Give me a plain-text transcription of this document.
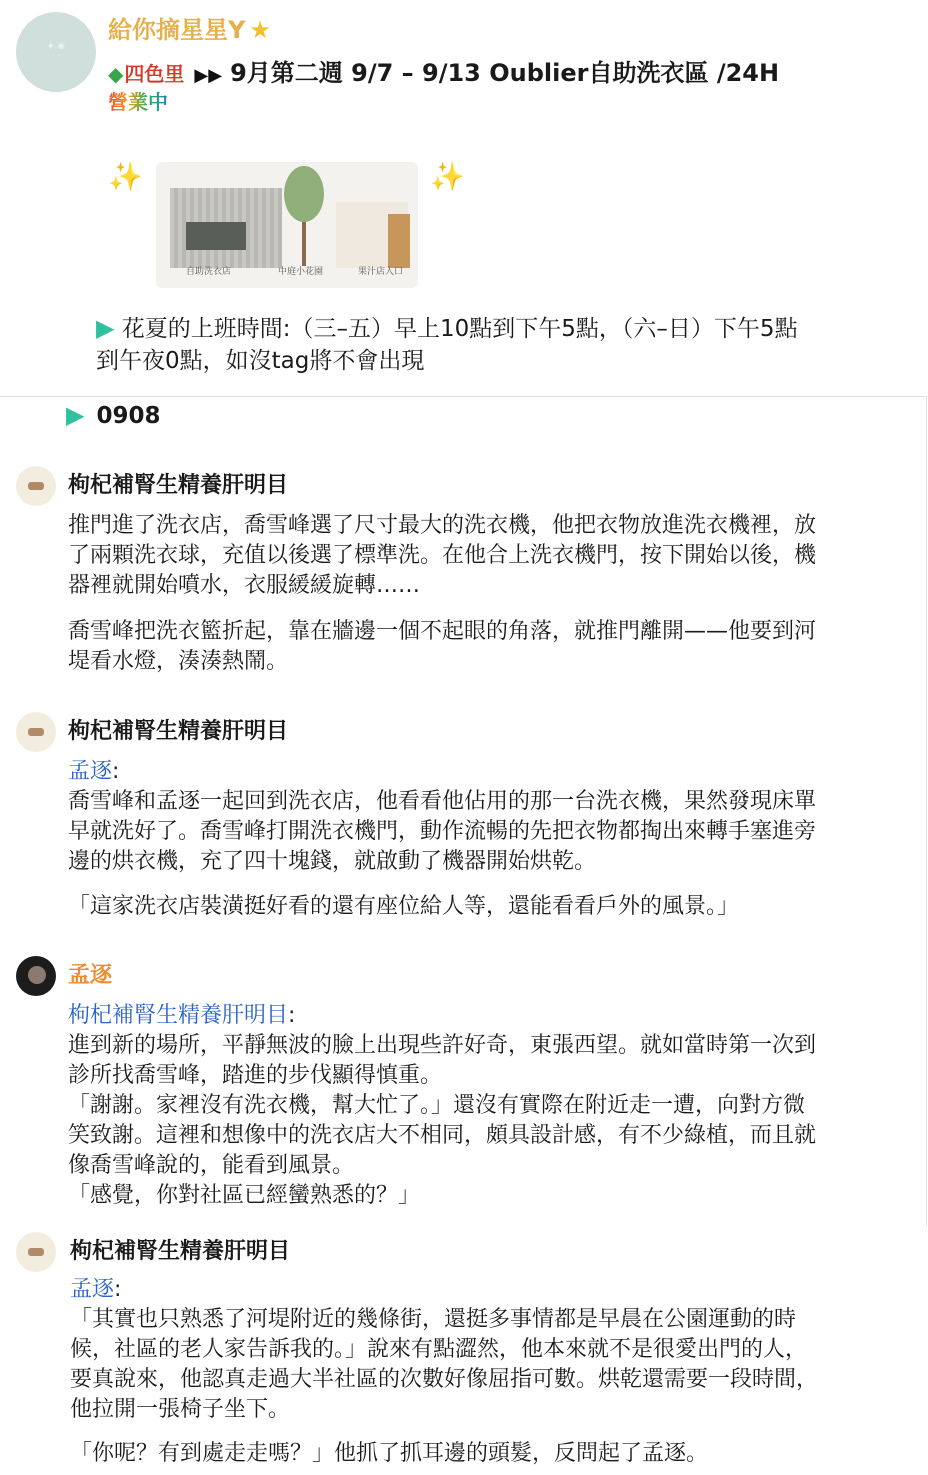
✦ ❀
· ·
給你摘星星Y ★
◆四色里 ▶▶ 9月第二週 9/7 – 9/13 Oublier自助洗衣區 /24H
營業中
✨	✨
自助洗衣店	中庭小花園	果汁店入口
▶ 花夏的上班時間:（三–五）早上10點到下午5點，（六–日）下午5點
到午夜0點，如沒tag將不會出現
▶ 0908
枸杞補腎生精養肝明目

推門進了洗衣店，喬雪峰選了尺寸最大的洗衣機，他把衣物放進洗衣機裡，放

了兩顆洗衣球，充值以後選了標準洗。在他合上洗衣機門，按下開始以後，機

器裡就開始噴水，衣服緩緩旋轉……

喬雪峰把洗衣籃折起，靠在牆邊一個不起眼的角落，就推門離開——他要到河

堤看水燈，湊湊熱鬧。

枸杞補腎生精養肝明目

孟逐:

喬雪峰和孟逐一起回到洗衣店，他看看他佔用的那一台洗衣機，果然發現床單

早就洗好了。喬雪峰打開洗衣機門，動作流暢的先把衣物都掏出來轉手塞進旁

邊的烘衣機，充了四十塊錢，就啟動了機器開始烘乾。

「這家洗衣店裝潢挺好看的還有座位給人等，還能看看戶外的風景。」

孟逐

枸杞補腎生精養肝明目:

進到新的場所，平靜無波的臉上出現些許好奇，東張西望。就如當時第一次到

診所找喬雪峰，踏進的步伐顯得慎重。

「謝謝。家裡沒有洗衣機，幫大忙了。」還沒有實際在附近走一遭，向對方微

笑致謝。這裡和想像中的洗衣店大不相同，頗具設計感，有不少綠植，而且就

像喬雪峰說的，能看到風景。

「感覺，你對社區已經蠻熟悉的？」

枸杞補腎生精養肝明目

孟逐:

「其實也只熟悉了河堤附近的幾條街，還挺多事情都是早晨在公園運動的時

候，社區的老人家告訴我的。」說來有點澀然，他本來就不是很愛出門的人，

要真說來，他認真走過大半社區的次數好像屈指可數。烘乾還需要一段時間，

他拉開一張椅子坐下。

「你呢？有到處走走嗎？」他抓了抓耳邊的頭髮，反問起了孟逐。
